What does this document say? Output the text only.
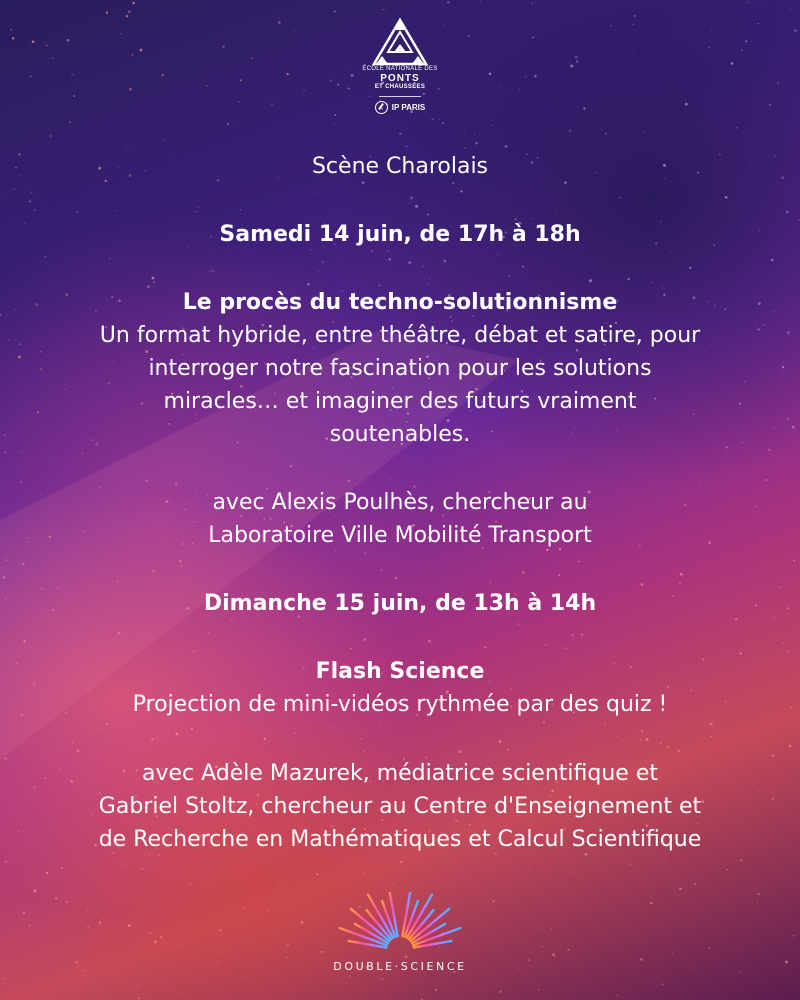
ÉCOLE NATIONALE DES
PONTS
ET CHAUSSÉES
IP PARIS

Scène Charolais

Samedi 14 juin, de 17h à 18h

Le procès du techno-solutionnisme

Un format hybride, entre théâtre, débat et satire, pour

interroger notre fascination pour les solutions

miracles… et imaginer des futurs vraiment

soutenables.

avec Alexis Poulhès, chercheur au

Laboratoire Ville Mobilité Transport

Dimanche 15 juin, de 13h à 14h

Flash Science

Projection de mini-vidéos rythmée par des quiz !

avec Adèle Mazurek, médiatrice scientifique et

Gabriel Stoltz, chercheur au Centre d'Enseignement et

de Recherche en Mathématiques et Calcul Scientifique

DOUBLE·SCIENCE
